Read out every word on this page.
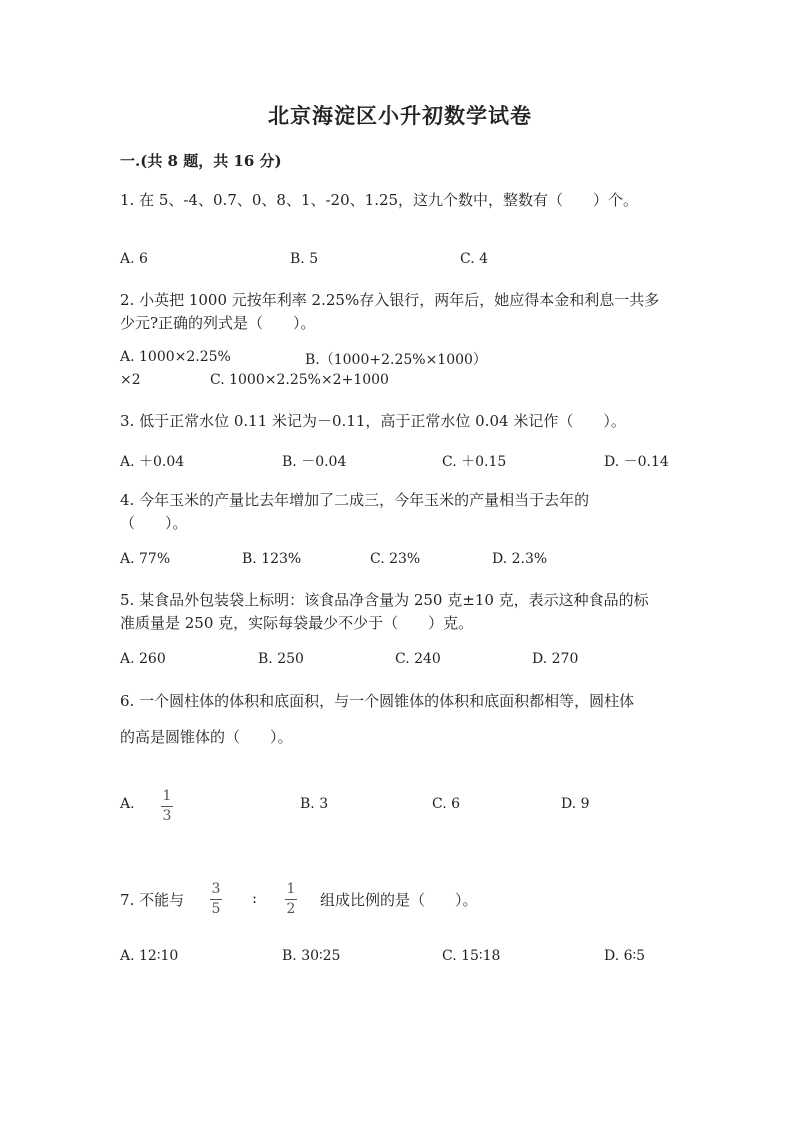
北京海淀区小升初数学试卷
一.(共 8 题，共 16 分)
1. 在 5、-4、0.7、0、8、1、-20、1.25，这九个数中，整数有（　　）个。
A. 6	B. 5	C. 4
2. 小英把 1000 元按年利率 2.25%存入银行，两年后，她应得本金和利息一共多
少元?正确的列式是（　　）。
A. 1000×2.25%	B.（1000+2.25%×1000）
×2	C. 1000×2.25%×2+1000
3. 低于正常水位 0.11 米记为－0.11，高于正常水位 0.04 米记作（　　）。
A. ＋0.04	B. －0.04	C. ＋0.15	D. －0.14
4. 今年玉米的产量比去年增加了二成三，今年玉米的产量相当于去年的
（　　）。
A. 77%	B. 123%	C. 23%	D. 2.3%
5. 某食品外包装袋上标明：该食品净含量为 250 克±10 克，表示这种食品的标
准质量是 250 克，实际每袋最少不少于（　　）克。
A. 260	B. 250	C. 240	D. 270
6. 一个圆柱体的体积和底面积，与一个圆锥体的体积和底面积都相等，圆柱体
的高是圆锥体的（　　）。
A. 1
3
B. 3	C. 6	D. 9
7. 不能与
3
5
: 1
2 组成比例的是（　　）。
A. 12∶10	B. 30∶25	C. 15∶18	D. 6∶5
